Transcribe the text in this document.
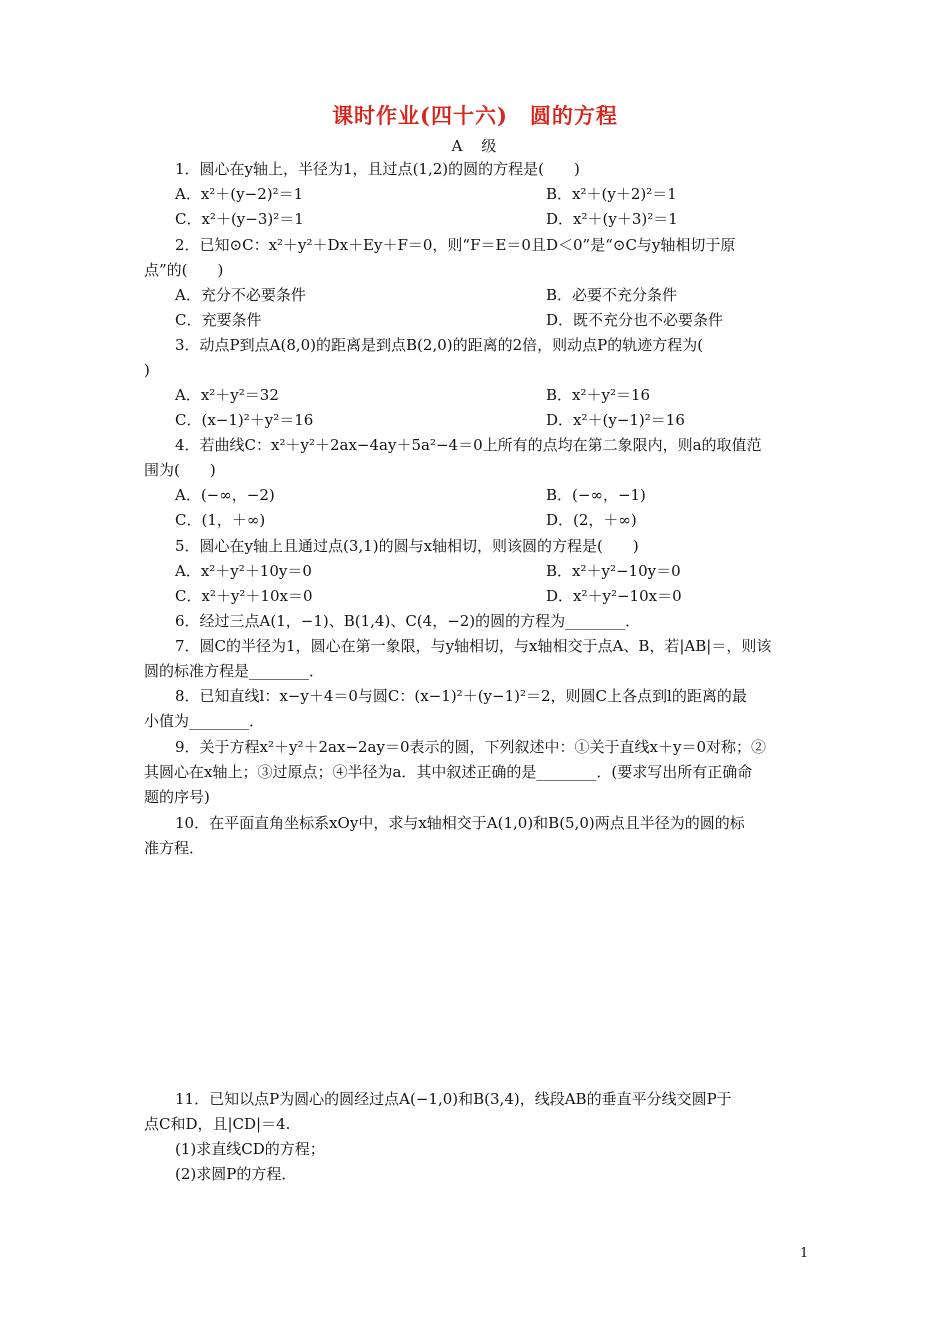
课时作业(四十六)　圆的方程
A　级
1．圆心在y轴上，半径为1，且过点(1,2)的圆的方程是(　　)
A．x²＋(y−2)²＝1	B．x²＋(y＋2)²＝1
C．x²＋(y−3)²＝1	D．x²＋(y＋3)²＝1
2．已知⊙C：x²＋y²＋Dx＋Ey＋F＝0，则“F＝E＝0且D＜0”是“⊙C与y轴相切于原
点”的(　　)
A．充分不必要条件	B．必要不充分条件
C．充要条件	D．既不充分也不必要条件
3．动点P到点A(8,0)的距离是到点B(2,0)的距离的2倍，则动点P的轨迹方程为(
)
A．x²＋y²＝32	B．x²＋y²＝16
C．(x−1)²＋y²＝16	D．x²＋(y−1)²＝16
4．若曲线C：x²＋y²＋2ax−4ay＋5a²−4＝0上所有的点均在第二象限内，则a的取值范
围为(　　)
A．(−∞，−2)	B．(−∞，−1)
C．(1，＋∞)	D．(2，＋∞)
5．圆心在y轴上且通过点(3,1)的圆与x轴相切，则该圆的方程是(　　)
A．x²＋y²＋10y＝0	B．x²＋y²−10y＝0
C．x²＋y²＋10x＝0	D．x²＋y²−10x＝0
6．经过三点A(1，−1)、B(1,4)、C(4，−2)的圆的方程为________．
7．圆C的半径为1，圆心在第一象限，与y轴相切，与x轴相交于点A、B，若|AB|＝，则该
圆的标准方程是________．
8．已知直线l：x−y＋4＝0与圆C：(x−1)²＋(y−1)²＝2，则圆C上各点到l的距离的最
小值为________．
9．关于方程x²＋y²＋2ax−2ay＝0表示的圆，下列叙述中：①关于直线x＋y＝0对称；②
其圆心在x轴上；③过原点；④半径为a．其中叙述正确的是________．(要求写出所有正确命
题的序号)
10．在平面直角坐标系xOy中，求与x轴相交于A(1,0)和B(5,0)两点且半径为的圆的标
准方程．
11．已知以点P为圆心的圆经过点A(−1,0)和B(3,4)，线段AB的垂直平分线交圆P于
点C和D，且|CD|＝4.
(1)求直线CD的方程；
(2)求圆P的方程．
1
